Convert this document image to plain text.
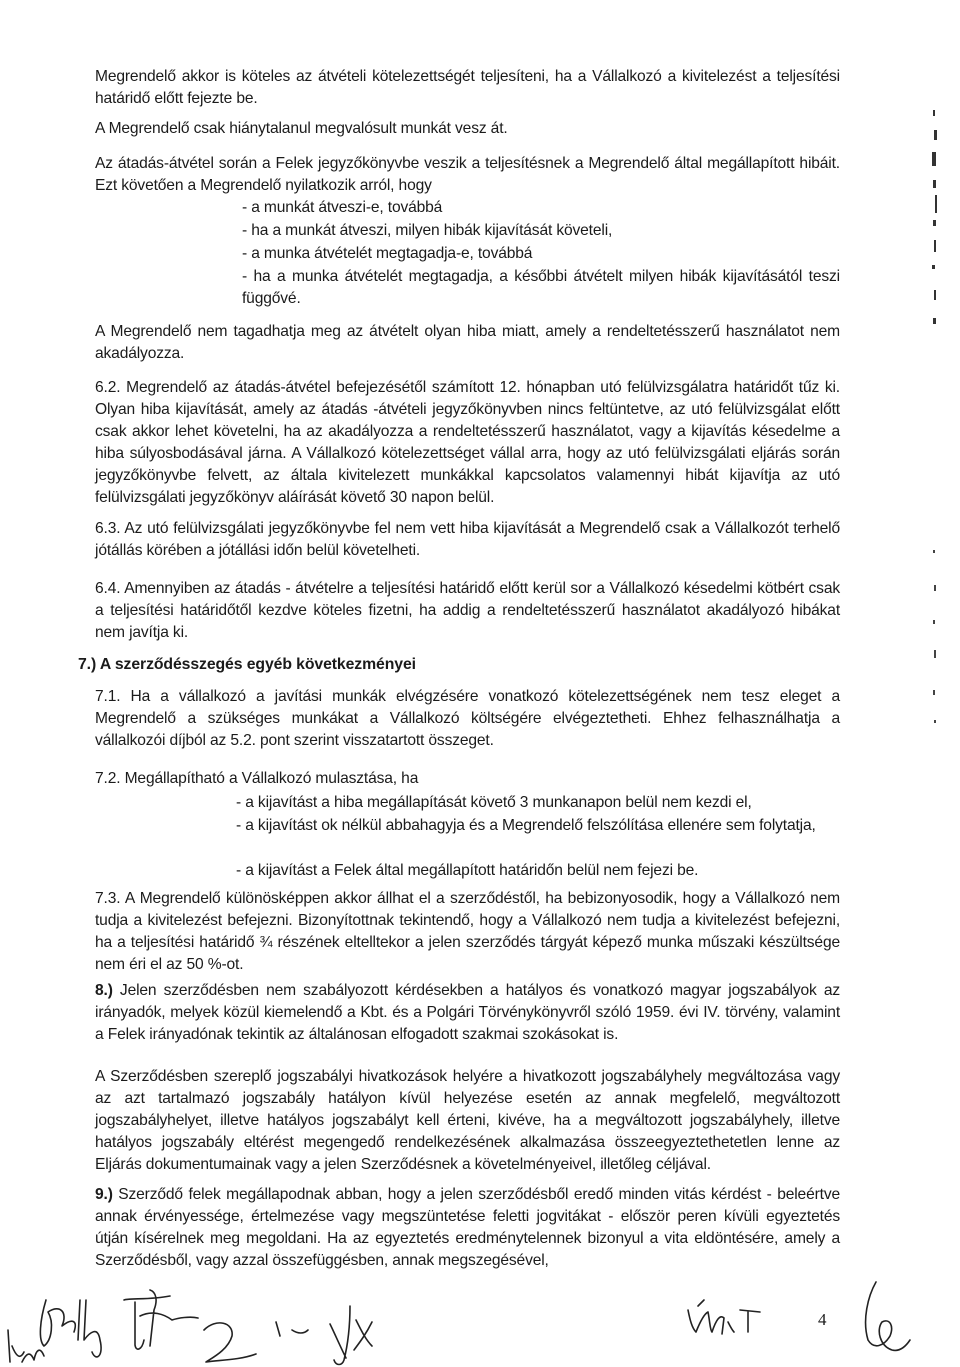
Megrendelő akkor is köteles az átvételi kötelezettségét teljesíteni, ha a Vállalkozó a kivitelezést a teljesítési határidő előtt fejezte be.

A Megrendelő csak hiánytalanul megvalósult munkát vesz át.

Az átadás-átvétel során a Felek jegyzőkönyvbe veszik a teljesítésnek a Megrendelő által megállapított hibáit. Ezt követően a Megrendelő nyilatkozik arról, hogy

- a munkát átveszi-e, továbbá

- ha a munkát átveszi, milyen hibák kijavítását követeli,

- a munka átvételét megtagadja-e, továbbá

- ha a munka átvételét megtagadja, a későbbi átvételt milyen hibák kijavításától teszi függővé.

A Megrendelő nem tagadhatja meg az átvételt olyan hiba miatt, amely a rendeltetésszerű használatot nem akadályozza.

6.2. Megrendelő az átadás-átvétel befejezésétől számított 12. hónapban utó felülvizsgálatra határidőt tűz ki. Olyan hiba kijavítását, amely az átadás -átvételi jegyzőkönyvben nincs feltüntetve, az utó felülvizsgálat előtt csak akkor lehet követelni, ha az akadályozza a rendeltetésszerű használatot, vagy a kijavítás késedelme a hiba súlyosbodásával járna. A Vállalkozó kötelezettséget vállal arra, hogy az utó felülvizsgálati eljárás során jegyzőkönyvbe felvett, az általa kivitelezett munkákkal kapcsolatos valamennyi hibát kijavítja az utó felülvizsgálati jegyzőkönyv aláírását követő 30 napon belül.

6.3. Az utó felülvizsgálati jegyzőkönyvbe fel nem vett hiba kijavítását a Megrendelő csak a Vállalkozót terhelő jótállás körében a jótállási időn belül követelheti.

6.4. Amennyiben az átadás - átvételre a teljesítési határidő előtt kerül sor a Vállalkozó késedelmi kötbért csak a teljesítési határidőtől kezdve köteles fizetni, ha addig a rendeltetésszerű használatot akadályozó hibákat nem javítja ki.

7.) A szerződésszegés egyéb következményei

7.1. Ha a vállalkozó a javítási munkák elvégzésére vonatkozó kötelezettségének nem tesz eleget a Megrendelő a szükséges munkákat a Vállalkozó költségére elvégeztetheti. Ehhez felhasználhatja a vállalkozói díjból az 5.2. pont szerint visszatartott összeget.

7.2. Megállapítható a Vállalkozó mulasztása, ha

- a kijavítást a hiba megállapítását követő 3 munkanapon belül nem kezdi el,

- a kijavítást ok nélkül abbahagyja és a Megrendelő felszólítása ellenére sem folytatja,

- a kijavítást a Felek által megállapított határidőn belül nem fejezi be.

7.3. A Megrendelő különösképpen akkor állhat el a szerződéstől, ha bebizonyosodik, hogy a Vállalkozó nem tudja a kivitelezést befejezni. Bizonyítottnak tekintendő, hogy a Vállalkozó nem tudja a kivitelezést befejezni, ha a teljesítési határidő ¾ részének eltelltekor a jelen szerződés tárgyát képező munka műszaki készültsége nem éri el az 50 %-ot.

8.) Jelen szerződésben nem szabályozott kérdésekben a hatályos és vonatkozó magyar jogszabályok az irányadók, melyek közül kiemelendő a Kbt. és a Polgári Törvénykönyvről szóló 1959. évi IV. törvény, valamint a Felek irányadónak tekintik az általánosan elfogadott szakmai szokásokat is.

A Szerződésben szereplő jogszabályi hivatkozások helyére a hivatkozott jogszabályhely megváltozása vagy az azt tartalmazó jogszabály hatályon kívül helyezése esetén az annak megfelelő, megváltozott jogszabályhelyet, illetve hatályos jogszabályt kell érteni, kivéve, ha a megváltozott jogszabályhely, illetve hatályos jogszabály eltérést megengedő rendelkezésének alkalmazása összeegyeztethetetlen lenne az Eljárás dokumentumainak vagy a jelen Szerződésnek a követelményeivel, illetőleg céljával.

9.) Szerződő felek megállapodnak abban, hogy a jelen szerződésből eredő minden vitás kérdést - beleértve annak érvényessége, értelmezése vagy megszüntetése feletti jogvitákat - először peren kívüli egyeztetés útján kísérelnek meg megoldani. Ha az egyeztetés eredménytelennek bizonyul a vita eldöntésére, amely a Szerződésből, vagy azzal összefüggésben, annak megszegésével,

4
